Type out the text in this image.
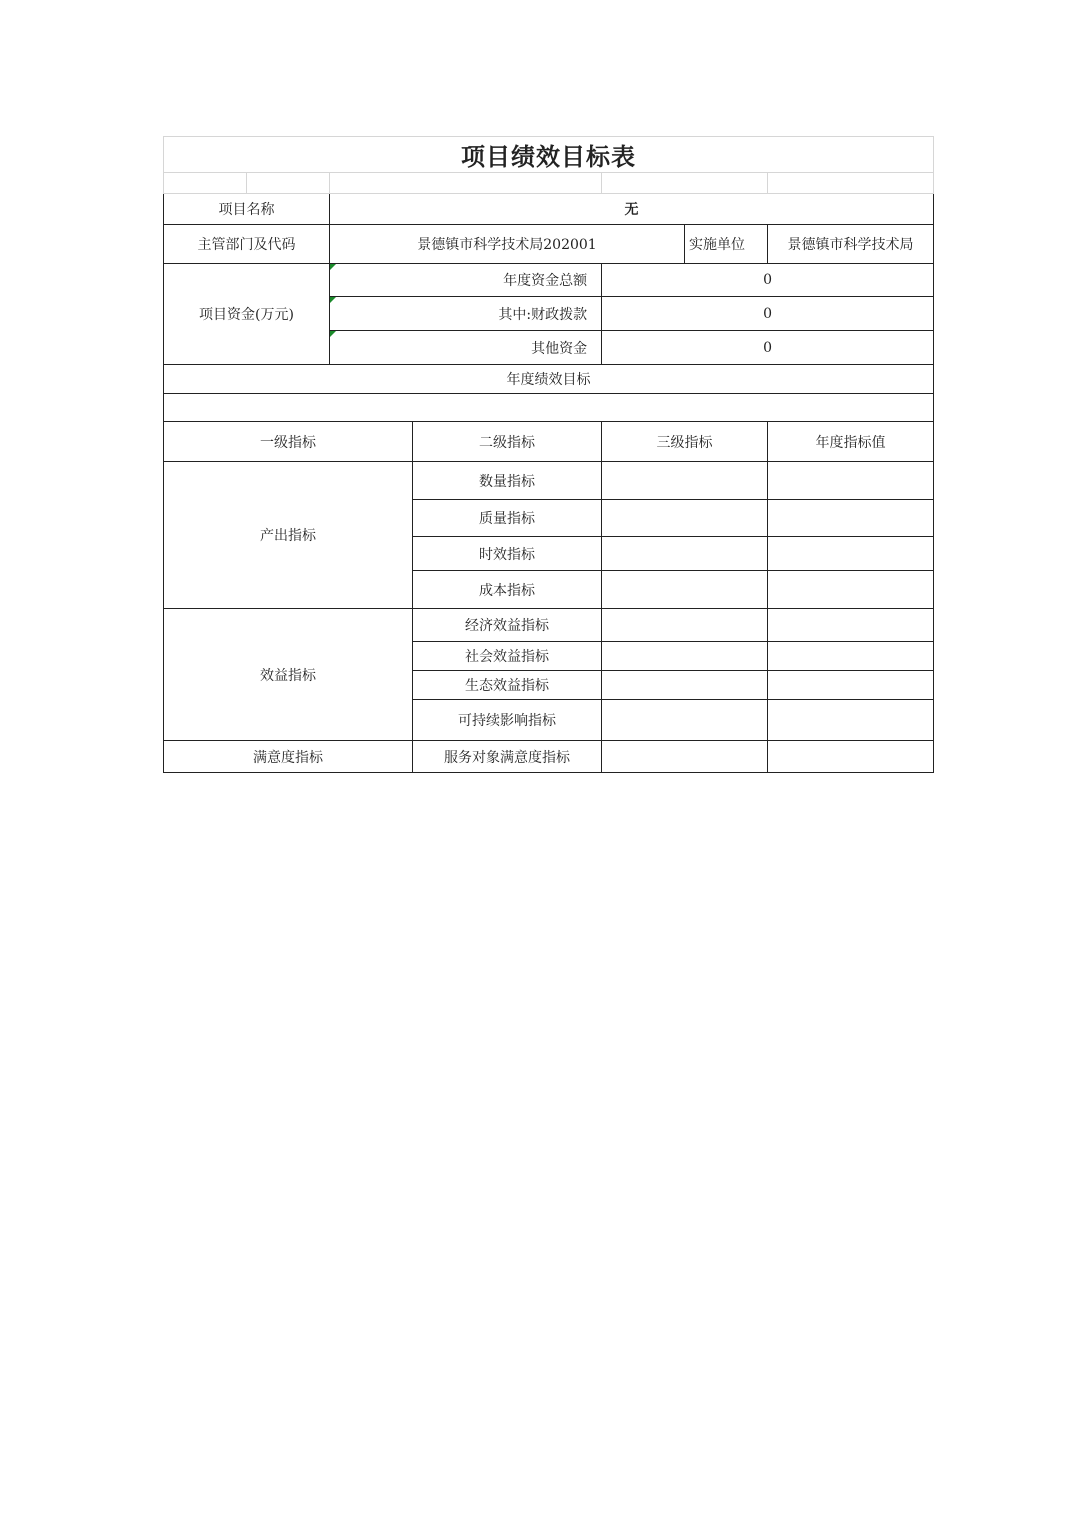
项目绩效目标表						

项目名称		无				
主管部门及代码		景德镇市科学技术局202001			实施单位	景德镇市科学技术局
项目资金(万元)		年度资金总额		0		

其中:财政拨款		0		

其他资金		0		
年度绩效目标						

一级指标			二级指标	三级指标		年度指标值
产出指标			数量指标			
			质量指标			
			时效指标			
			成本指标			
效益指标			经济效益指标			
			社会效益指标			
			生态效益指标			
			可持续影响指标			
满意度指标			服务对象满意度指标			
